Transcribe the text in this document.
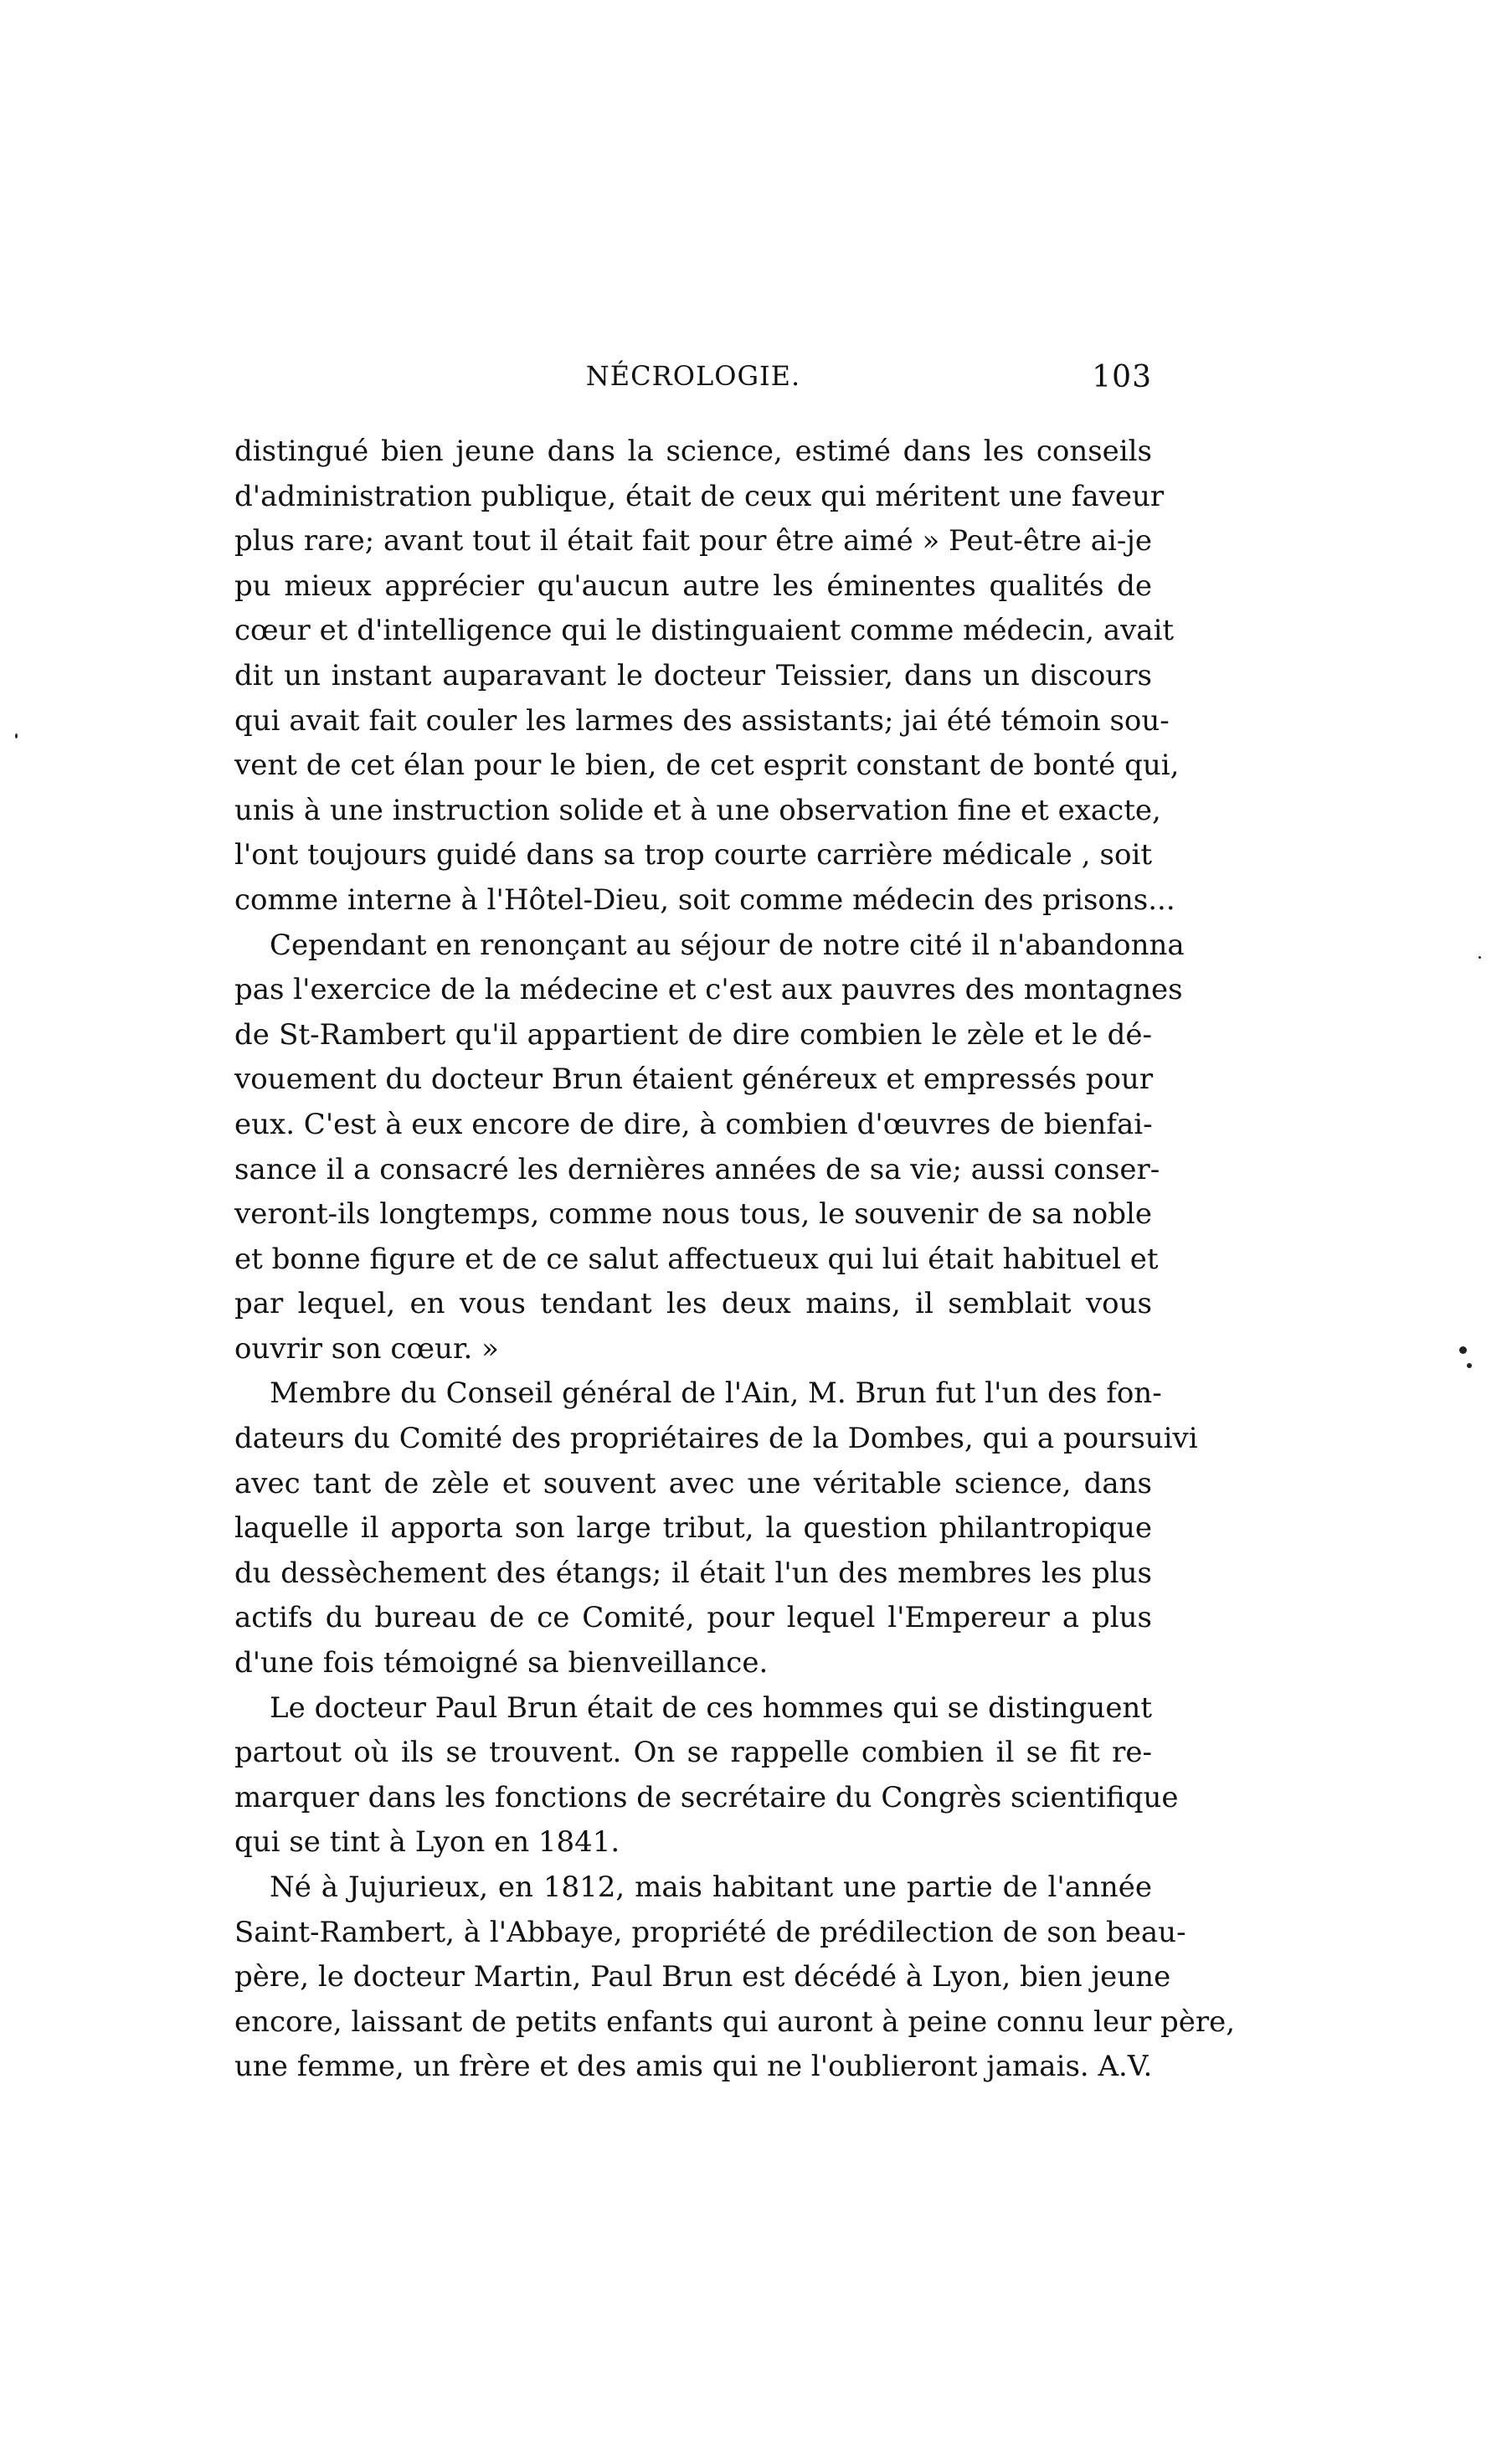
NÉCROLOGIE.	103
distingué bien jeune dans la science, estimé dans les conseils
d'administration publique, était de ceux qui méritent une faveur
plus rare; avant tout il était fait pour être aimé » Peut-être ai-je
pu mieux apprécier qu'aucun autre les éminentes qualités de
cœur et d'intelligence qui le distinguaient comme médecin, avait
dit un instant auparavant le docteur Teissier, dans un discours
qui avait fait couler les larmes des assistants; jai été témoin sou-
vent de cet élan pour le bien, de cet esprit constant de bonté qui,
unis à une instruction solide et à une observation fine et exacte,
l'ont toujours guidé dans sa trop courte carrière médicale , soit
comme interne à l'Hôtel-Dieu, soit comme médecin des prisons...
Cependant en renonçant au séjour de notre cité il n'abandonna
pas l'exercice de la médecine et c'est aux pauvres des montagnes
de St-Rambert qu'il appartient de dire combien le zèle et le dé-
vouement du docteur Brun étaient généreux et empressés pour
eux. C'est à eux encore de dire, à combien d'œuvres de bienfai-
sance il a consacré les dernières années de sa vie; aussi conser-
veront-ils longtemps, comme nous tous, le souvenir de sa noble
et bonne figure et de ce salut affectueux qui lui était habituel et
par lequel, en vous tendant les deux mains, il semblait vous
ouvrir son cœur. »
Membre du Conseil général de l'Ain, M. Brun fut l'un des fon-
dateurs du Comité des propriétaires de la Dombes, qui a poursuivi
avec tant de zèle et souvent avec une véritable science, dans
laquelle il apporta son large tribut, la question philantropique
du dessèchement des étangs; il était l'un des membres les plus
actifs du bureau de ce Comité, pour lequel l'Empereur a plus
d'une fois témoigné sa bienveillance.
Le docteur Paul Brun était de ces hommes qui se distinguent
partout où ils se trouvent. On se rappelle combien il se fit re-
marquer dans les fonctions de secrétaire du Congrès scientifique
qui se tint à Lyon en 1841.
Né à Jujurieux, en 1812, mais habitant une partie de l'année
Saint-Rambert, à l'Abbaye, propriété de prédilection de son beau-
père, le docteur Martin, Paul Brun est décédé à Lyon, bien jeune
encore, laissant de petits enfants qui auront à peine connu leur père,
une femme, un frère et des amis qui ne l'oublieront jamais. A.V.
